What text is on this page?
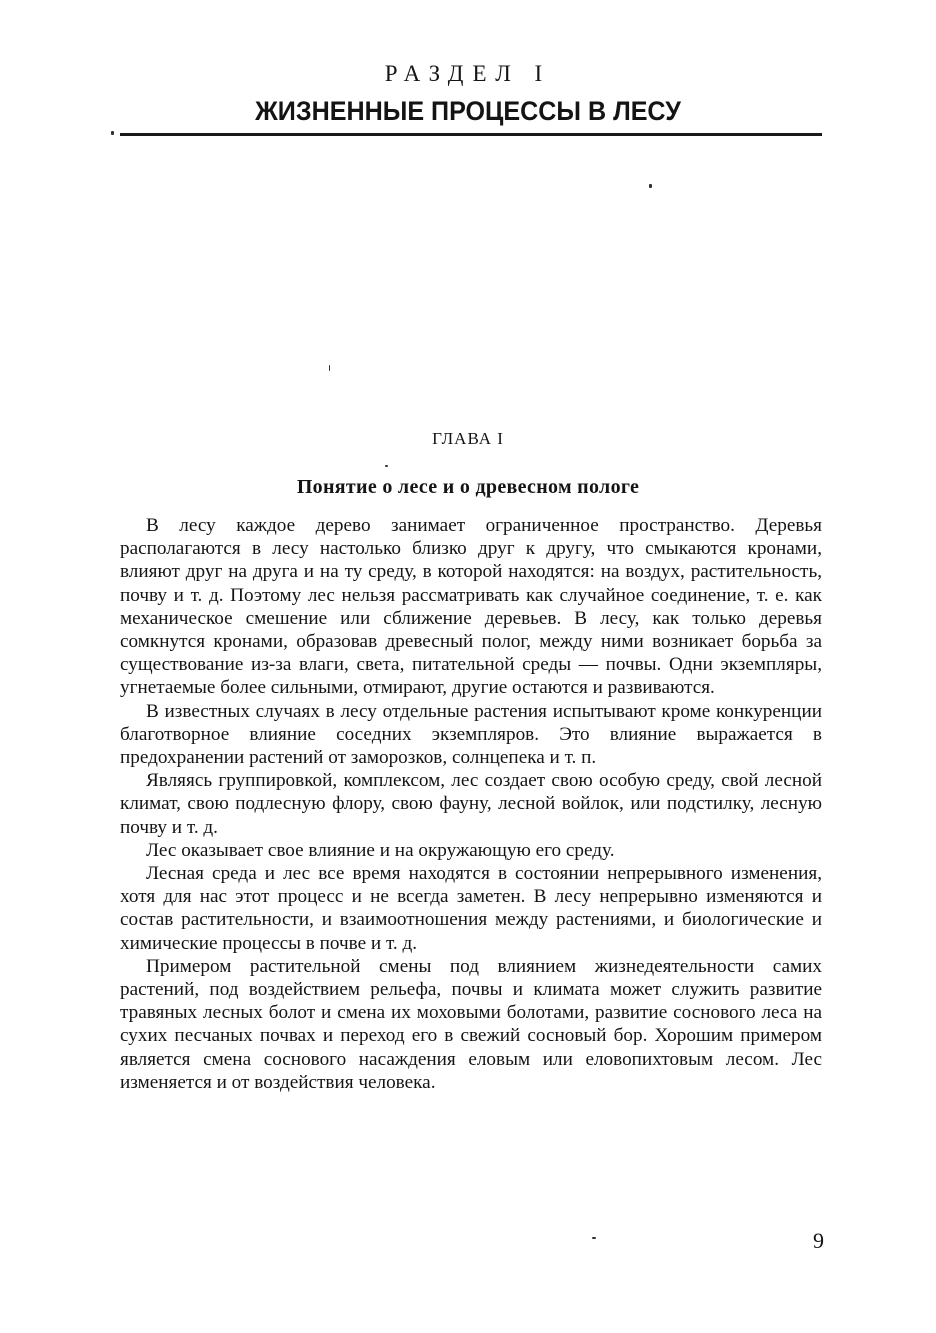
РАЗДЕЛ I
ЖИЗНЕННЫЕ ПРОЦЕССЫ В ЛЕСУ
ГЛАВА I
Понятие о лесе и о древесном пологе

В лесу каждое дерево занимает ограниченное пространство. Деревья располагаются в лесу настолько близко друг к другу, что смыкаются кронами, влияют друг на друга и на ту среду, в которой находятся: на воздух, растительность, почву и т. д. Поэтому лес нельзя рассматривать как случайное соединение, т. е. как механическое смешение или сближение деревьев. В лесу, как только деревья сомкнутся кронами, образовав древесный полог, между ними возникает борьба за существование из-за влаги, света, питательной среды — почвы. Одни экземпляры, угнетаемые более сильными, отмирают, другие остаются и развиваются.

В известных случаях в лесу отдельные растения испытывают кроме конкуренции благотворное влияние соседних экземпляров. Это влияние выражается в предохранении растений от заморозков, солнцепека и т. п.

Являясь группировкой, комплексом, лес создает свою особую среду, свой лесной климат, свою подлесную флору, свою фауну, лесной войлок, или подстилку, лесную почву и т. д.

Лес оказывает свое влияние и на окружающую его среду.

Лесная среда и лес все время находятся в состоянии непрерывного изменения, хотя для нас этот процесс и не всегда заметен. В лесу непрерывно изменяются и состав растительности, и взаимоотношения между растениями, и биологические и химические процессы в почве и т. д.

Примером растительной смены под влиянием жизнедеятельности самих растений, под воздействием рельефа, почвы и климата может служить развитие травяных лесных болот и смена их моховыми болотами, развитие соснового леса на сухих песчаных почвах и переход его в свежий сосновый бор. Хорошим примером является смена соснового насаждения еловым или еловопихтовым лесом. Лес изменяется и от воздействия человека.

9
